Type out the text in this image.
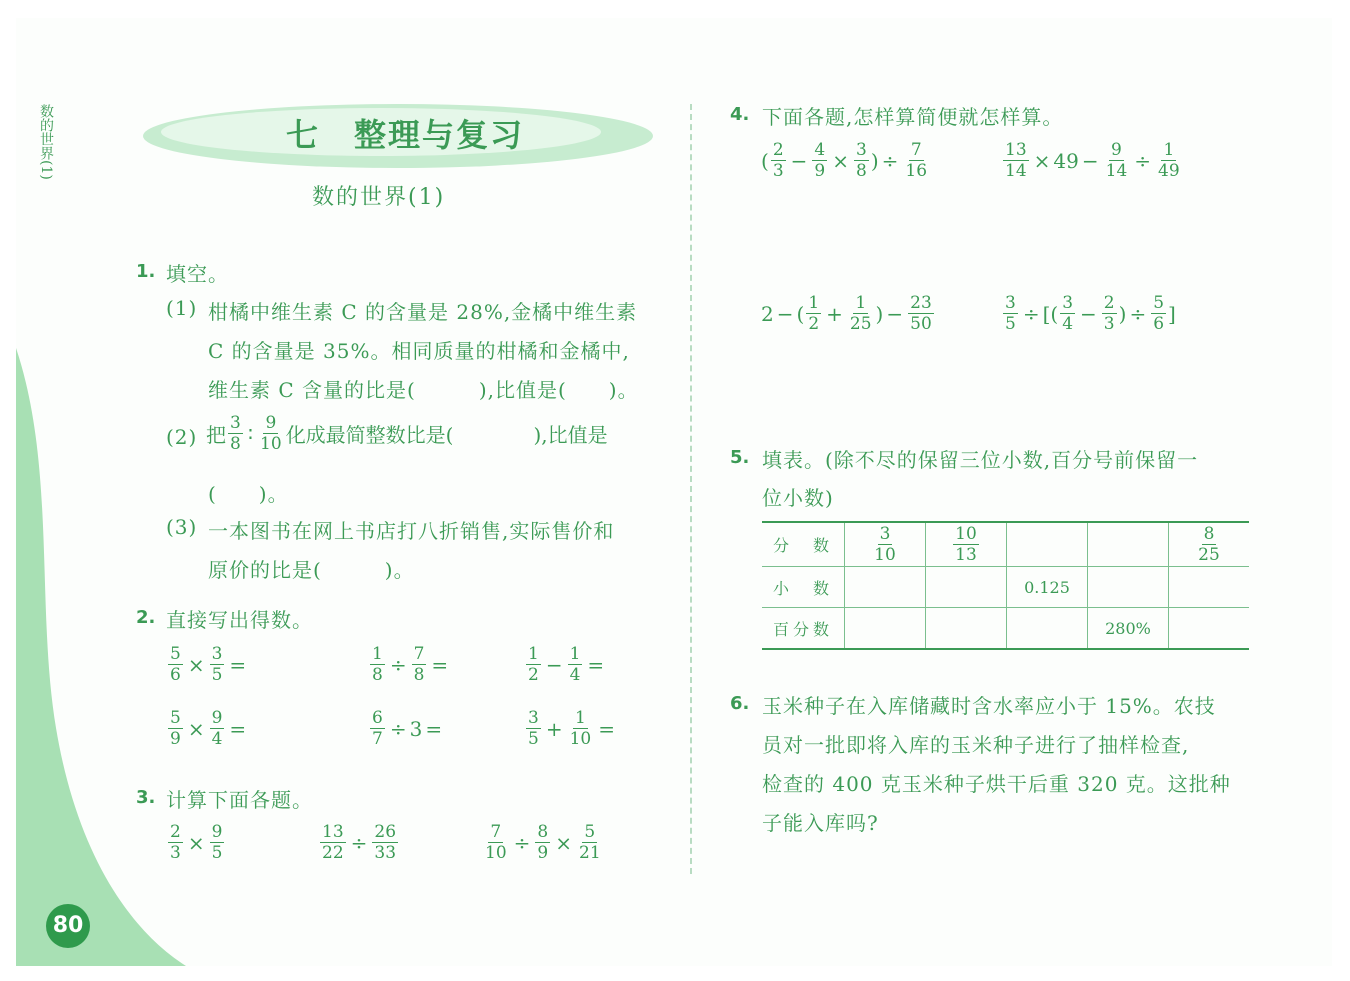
数的世界(1)	七　整理与复习
数的世界(1)
1. 填空。
(1) 柑橘中维生素 C 的含量是 28%,金橘中维生素
C 的含量是 35%。相同质量的柑橘和金橘中,
维生素 C 含量的比是(　　　),比值是(　　)。
(2) 把 $\frac{3}{8}$ ∶ $\frac{9}{10}$ 化成最简整数比是(　　　　),比值是
(　　)。
(3) 一本图书在网上书店打八折销售,实际售价和
原价的比是(　　　)。
2. 直接写出得数。
$\frac{5}{6} \times \frac{3}{5}$ =	$\frac{1}{8} \div \frac{7}{8}$ =	$\frac{1}{2} - \frac{1}{4}$ =
$\frac{5}{9} \times \frac{9}{4}$ =	$\frac{6}{7} \div 3$ =	$\frac{3}{5} + \frac{1}{10}$ =
3. 计算下面各题。
$\frac{2}{3} \times \frac{9}{5}$	$\frac{13}{22} \div \frac{26}{33}$	$\frac{7}{10} \div \frac{8}{9} \times \frac{5}{21}$
80
4. 下面各题,怎样算简便就怎样算。
( $\frac{2}{3} - \frac{4}{9} \times \frac{3}{8}$ ) ÷ $\frac{7}{16}$	$\frac{13}{14} \times 49 - \frac{9}{14} \div \frac{1}{49}$
2 − ( $\frac{1}{2} + \frac{1}{25}$ ) − $\frac{23}{50}$	$\frac{3}{5}$ ÷ [( $\frac{3}{4} - \frac{2}{3}$ ) ÷ $\frac{5}{6}$ ]
5. 填表。(除不尽的保留三位小数,百分号前保留一
位小数)
分　数	$\frac{3}{10}$	$\frac{10}{13}$			$\frac{8}{25}$

小　数			0.125		
百分数				280%	
6. 玉米种子在入库储藏时含水率应小于 15%。农技
员对一批即将入库的玉米种子进行了抽样检查,
检查的 400 克玉米种子烘干后重 320 克。这批种
子能入库吗?
